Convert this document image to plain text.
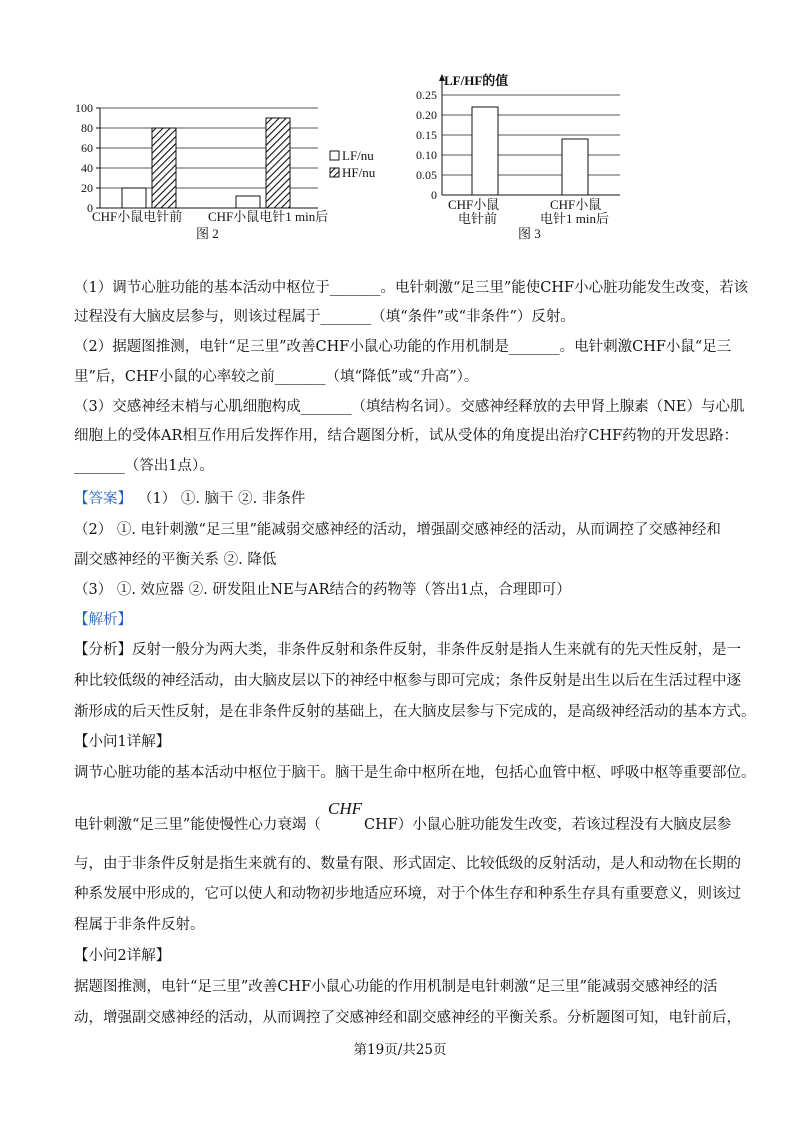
0
20
40
60
80
100
CHF小鼠电针前 CHF小鼠电针1 min后
LF/nu
HF/nu
图 2
LF/HF的值
0
0.05
0.10
0.15
0.20
0.25
CHF小鼠
电针前
CHF小鼠
电针1 min后
图 3
（1）调节心脏功能的基本活动中枢位于_______。电针刺激“足三里”能使CHF小心脏功能发生改变，若该
过程没有大脑皮层参与，则该过程属于_______（填“条件”或“非条件”）反射。
（2）据题图推测，电针“足三里”改善CHF小鼠心功能的作用机制是_______。电针刺激CHF小鼠“足三
里”后，CHF小鼠的心率较之前_______（填“降低”或“升高”）。
（3）交感神经末梢与心肌细胞构成_______（填结构名词）。交感神经释放的去甲肾上腺素（NE）与心肌
细胞上的受体AR相互作用后发挥作用，结合题图分析，试从受体的角度提出治疗CHF药物的开发思路：
_______（答出1点）。
【答案】 （1） ①. 脑干 ②. 非条件
（2） ①. 电针刺激“足三里”能减弱交感神经的活动，增强副交感神经的活动，从而调控了交感神经和
副交感神经的平衡关系 ②. 降低
（3） ①. 效应器 ②. 研发阻止NE与AR结合的药物等（答出1点，合理即可）
【解析】
【分析】反射一般分为两大类，非条件反射和条件反射，非条件反射是指人生来就有的先天性反射，是一
种比较低级的神经活动，由大脑皮层以下的神经中枢参与即可完成；条件反射是出生以后在生活过程中逐
渐形成的后天性反射，是在非条件反射的基础上，在大脑皮层参与下完成的，是高级神经活动的基本方式。
【小问1详解】
调节心脏功能的基本活动中枢位于脑干。脑干是生命中枢所在地，包括心血管中枢、呼吸中枢等重要部位。
电针刺激“足三里”能使慢性心力衰竭（
CHF
CHF）小鼠心脏功能发生改变，若该过程没有大脑皮层参
与，由于非条件反射是指生来就有的、数量有限、形式固定、比较低级的反射活动，是人和动物在长期的
种系发展中形成的，它可以使人和动物初步地适应环境，对于个体生存和种系生存具有重要意义，则该过
程属于非条件反射。
【小问2详解】
据题图推测，电针“足三里”改善CHF小鼠心功能的作用机制是电针刺激“足三里”能减弱交感神经的活
动，增强副交感神经的活动，从而调控了交感神经和副交感神经的平衡关系。分析题图可知，电针前后，
第19页/共25页
